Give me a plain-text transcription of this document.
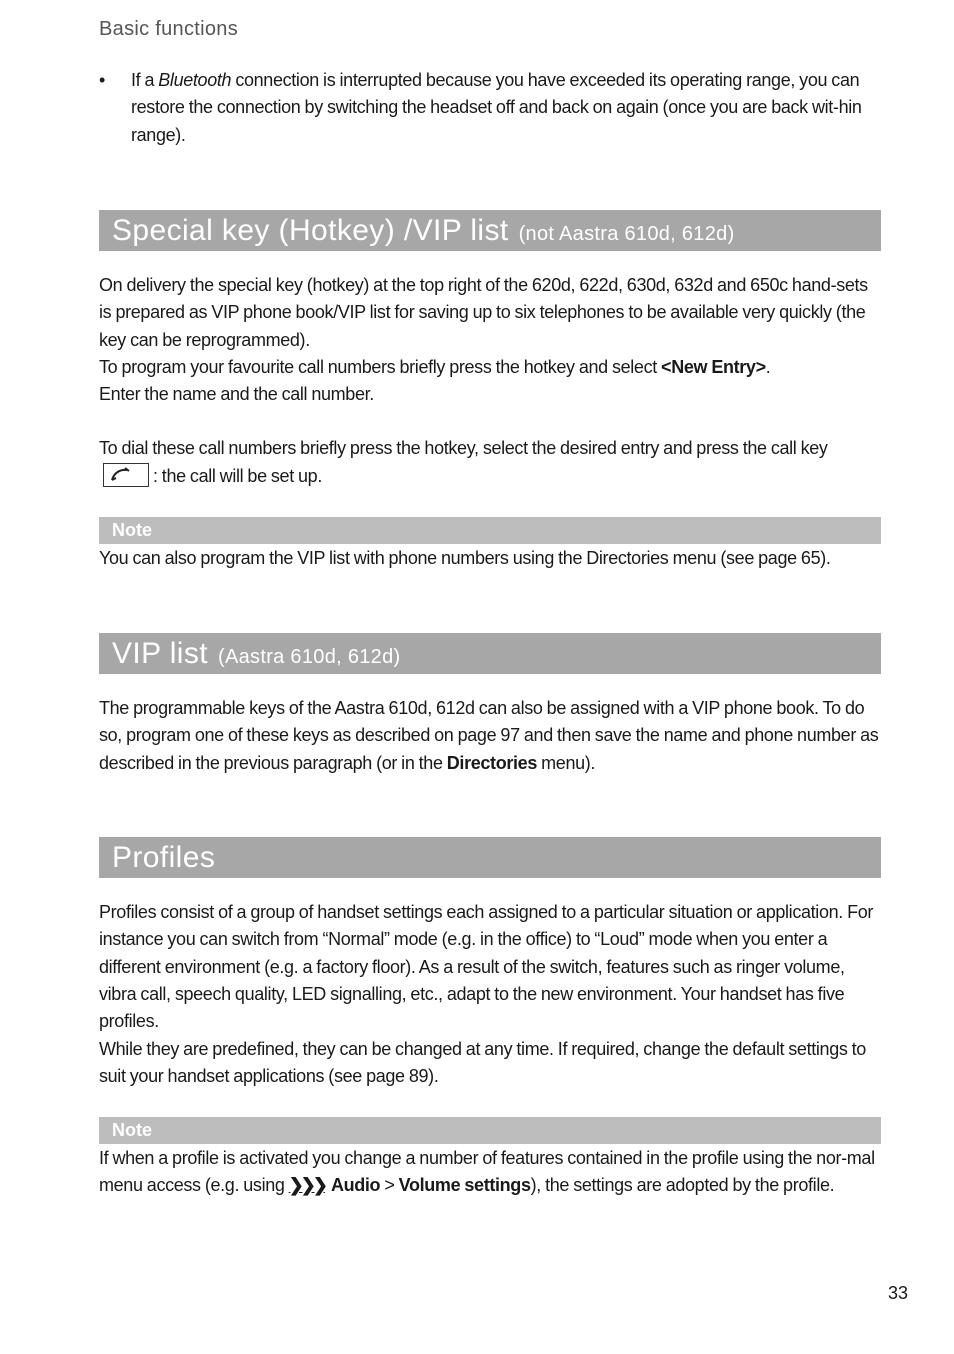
Basic functions
•	If a Bluetooth connection is interrupted because you have exceeded its operating range, you can restore the connection by switching the headset off and back on again (once you are back wit-hin range).
Special key (Hotkey) /VIP list (not Aastra 610d, 612d)
On delivery the special key (hotkey) at the top right of the 620d, 622d, 630d, 632d and 650c hand-sets is prepared as VIP phone book/VIP list for saving up to six telephones to be available very quickly (the key can be reprogrammed).
To program your favourite call numbers briefly press the hotkey and select <New Entry>.
Enter the name and the call number.
To dial these call numbers briefly press the hotkey, select the desired entry and press the call key
: the call will be set up.
Note
You can also program the VIP list with phone numbers using the Directories menu (see page 65).
VIP list (Aastra 610d, 612d)
The programmable keys of the Aastra 610d, 612d can also be assigned with a VIP phone book. To do so, program one of these keys as described on page 97 and then save the name and phone number as described in the previous paragraph (or in the Directories menu).
Profiles
Profiles consist of a group of handset settings each assigned to a particular situation or application. For instance you can switch from “Normal” mode (e.g. in the office) to “Loud” mode when you enter a different environment (e.g. a factory floor). As a result of the switch, features such as ringer volume, vibra call, speech quality, LED signalling, etc., adapt to the new environment. Your handset has five profiles.
While they are predefined, they can be changed at any time. If required, change the default settings to suit your handset applications (see page 89).
Note
If when a profile is activated you change a number of features contained in the profile using the nor-mal menu access (e.g. using ❯❯❯ Audio > Volume settings), the settings are adopted by the profile.
33
